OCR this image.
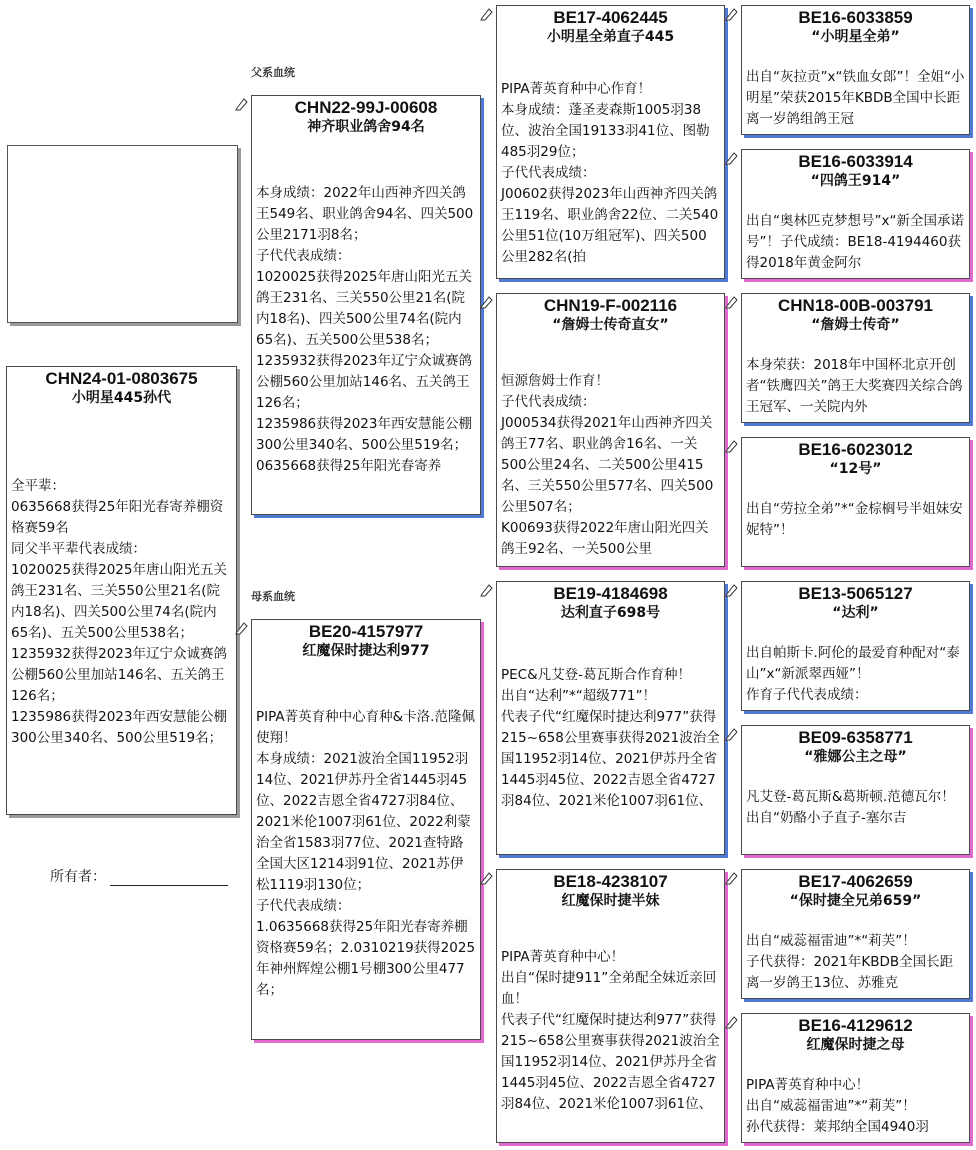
父系血统
母系血统
CHN24-01-0803675
小明星445孙代
全平辈：
0635668获得25年阳光春寄养棚资格赛59名
同父半平辈代表成绩：
1020025获得2025年唐山阳光五关鸽王231名、三关550公里21名(院内18名)、四关500公里74名(院内65名)、五关500公里538名；
1235932获得2023年辽宁众诚赛鸽公棚560公里加站146名、五关鸽王126名；
1235986获得2023年西安慧能公棚300公里340名、500公里519名；
所有者：
CHN22-99J-00608
神齐职业鸽舍94名
本身成绩：2022年山西神齐四关鸽王549名、职业鸽舍94名、四关500公里2171羽8名；
子代代表成绩：
1020025获得2025年唐山阳光五关鸽王231名、三关550公里21名(院内18名)、四关500公里74名(院内65名)、五关500公里538名；
1235932获得2023年辽宁众诚赛鸽公棚560公里加站146名、五关鸽王126名；
1235986获得2023年西安慧能公棚300公里340名、500公里519名；
0635668获得25年阳光春寄养
BE20-4157977
红魔保时捷达利977
PIPA菁英育种中心育种&卡洛.范隆佩使翔！
本身成绩：2021波治全国11952羽14位、2021伊苏丹全省1445羽45位、2022吉恩全省4727羽84位、2021米伦1007羽61位、2022利蒙治全省1583羽77位、2021查特路全国大区1214羽91位、2021苏伊松1119羽130位；
子代代表成绩：
1.0635668获得25年阳光春寄养棚资格赛59名；2.0310219获得2025年神州辉煌公棚1号棚300公里477名；
BE17-4062445
小明星全弟直子445
PIPA菁英育种中心作育！
本身成绩：蓬圣麦森斯1005羽38位、波治全国19133羽41位、图勒485羽29位；
子代代表成绩：
J00602获得2023年山西神齐四关鸽王119名、职业鸽舍22位、二关540公里51位(10万组冠军)、四关500公里282名(拍
CHN19-F-002116
“詹姆士传奇直女”
恒源詹姆士作育！
子代代表成绩：
J000534获得2021年山西神齐四关鸽王77名、职业鸽舍16名、一关500公里24名、二关500公里415名、三关550公里577名、四关500公里507名；
K00693获得2022年唐山阳光四关鸽王92名、一关500公里
BE19-4184698
达利直子698号
PEC&凡艾登-葛瓦斯合作育种！
出自“达利”*“超级771”！
代表子代“红魔保时捷达利977”获得215~658公里赛事获得2021波治全国11952羽14位、2021伊苏丹全省1445羽45位、2022吉恩全省4727羽84位、2021米伦1007羽61位、
BE18-4238107
红魔保时捷半妹
PIPA菁英育种中心！
出自“保时捷911”全弟配全妹近亲回血！
代表子代“红魔保时捷达利977”获得215~658公里赛事获得2021波治全国11952羽14位、2021伊苏丹全省1445羽45位、2022吉恩全省4727羽84位、2021米伦1007羽61位、
BE16-6033859
“小明星全弟”
出自“灰拉贡”x“铁血女郎”！全姐“小明星”荣获2015年KBDB全国中长距离一岁鸽组鸽王冠
BE16-6033914
“四鸽王914”
出自“奥林匹克梦想号”x“新全国承诺号”！子代成绩：BE18-4194460获得2018年黄金阿尔
CHN18-00B-003791
“詹姆士传奇”
本身荣获：2018年中国杯北京开创者“铁鹰四关”鸽王大奖赛四关综合鸽王冠军、一关院内外
BE16-6023012
“12号”
出自“劳拉全弟”*“金棕榈号半姐妹安妮特”！
BE13-5065127
“达利”
出自帕斯卡.阿伦的最爱育种配对“泰山”x“新派翠西娅”！
作育子代代表成绩：
BE09-6358771
“雅娜公主之母”
凡艾登-葛瓦斯&葛斯顿.范德瓦尔！
出自“奶酪小子直子-塞尔吉
BE17-4062659
“保时捷全兄弟659”
出自“威蕊福雷迪”*“莉芙”！
子代获得：2021年KBDB全国长距离一岁鸽王13位、苏雅克
BE16-4129612
红魔保时捷之母
PIPA菁英育种中心！
出自“威蕊福雷迪”*“莉芙”！
孙代获得：莱邦纳全国4940羽
